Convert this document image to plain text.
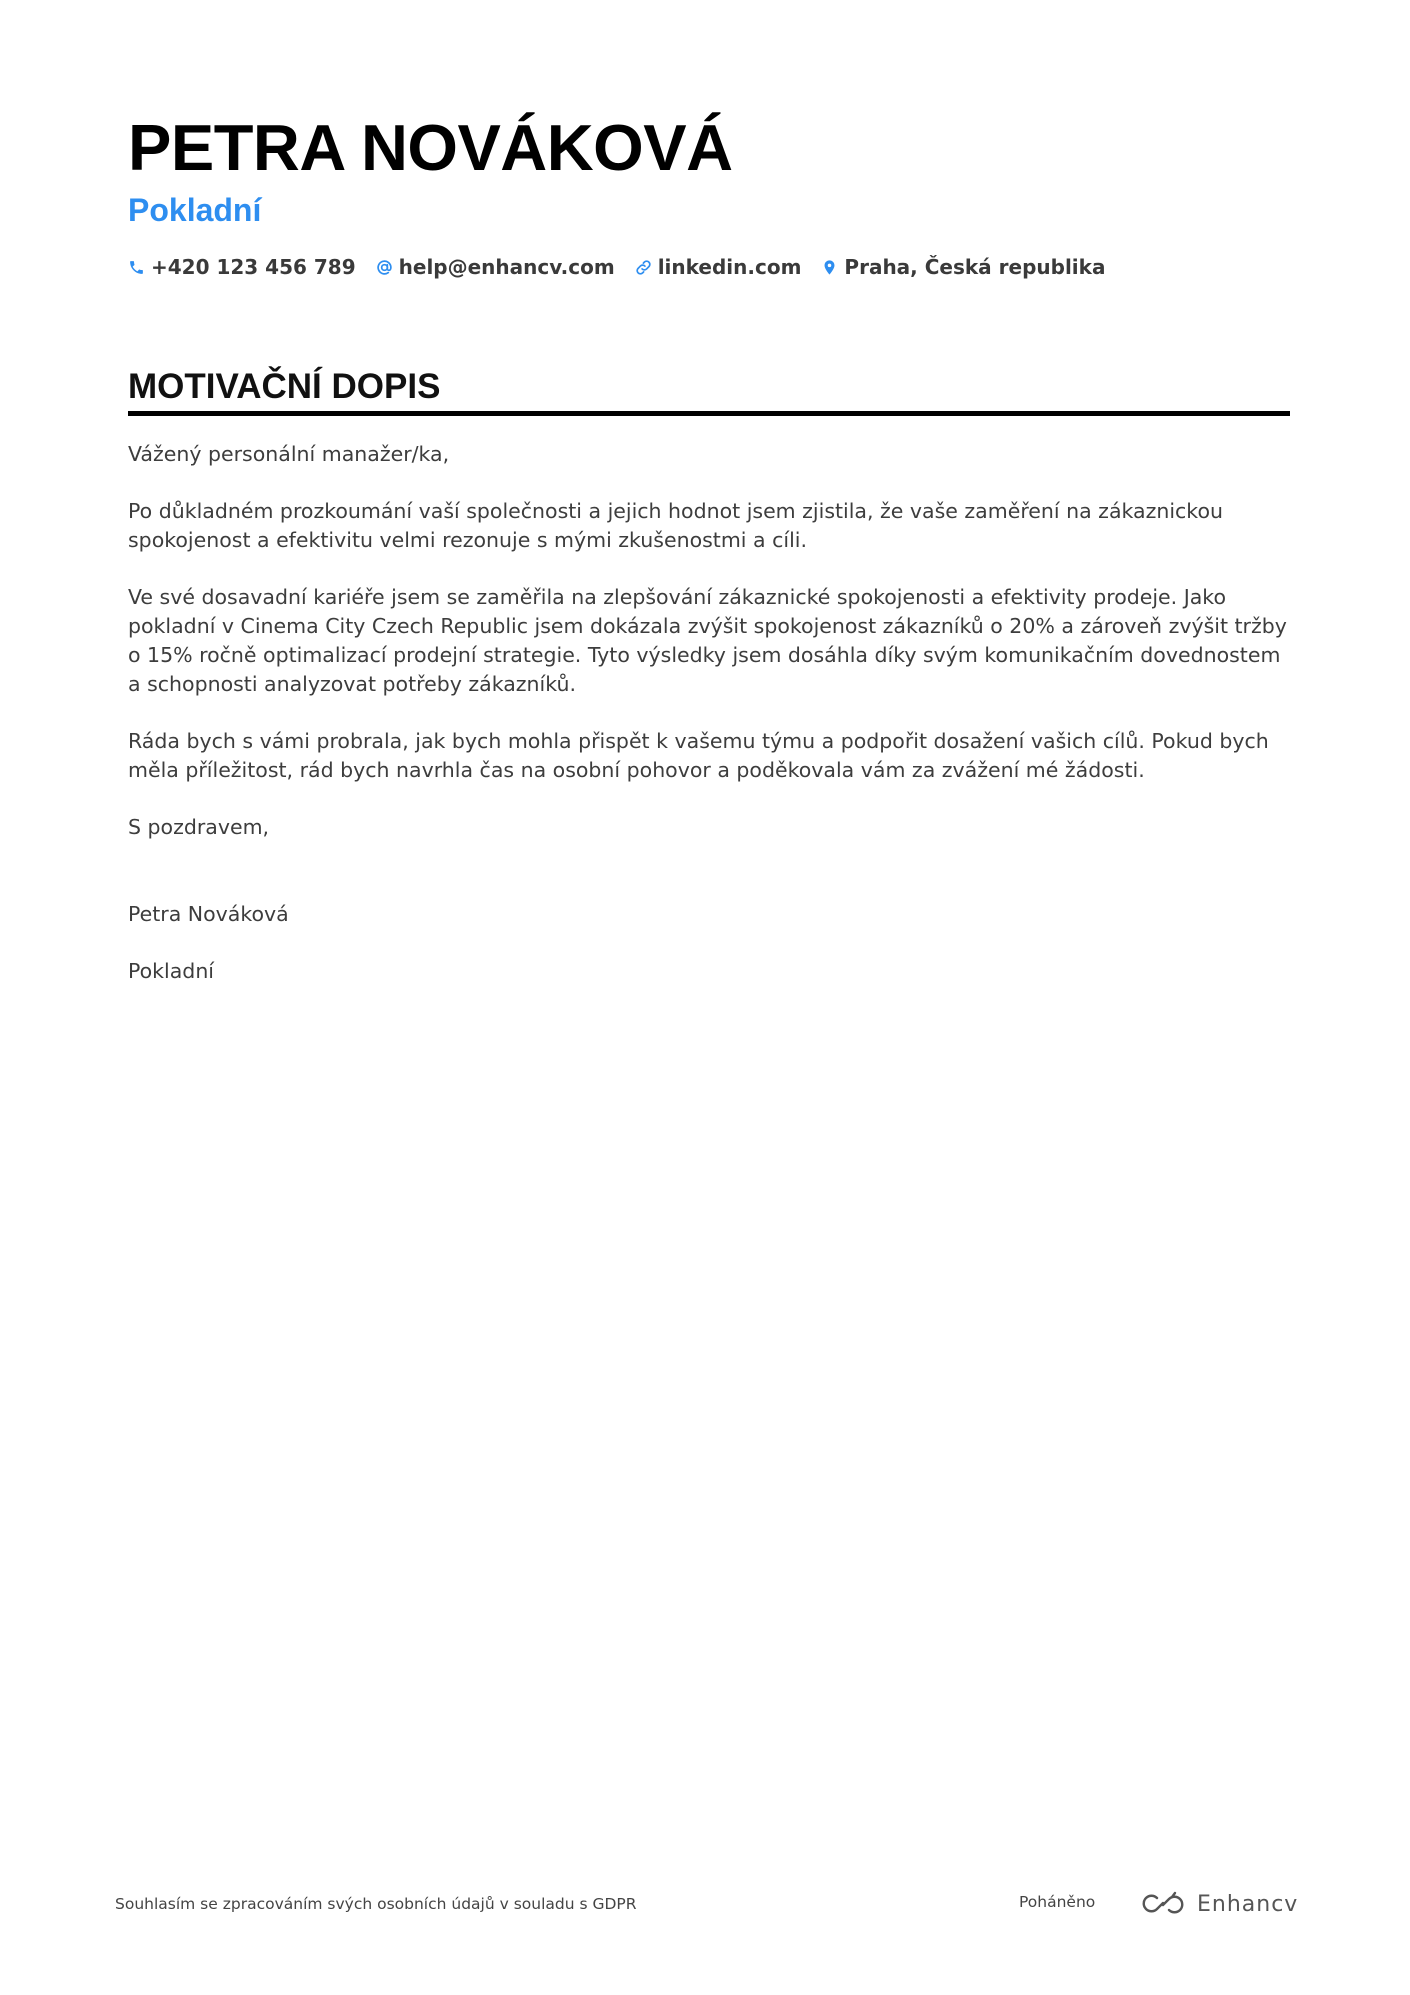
PETRA NOVÁKOVÁ
Pokladní
+420 123 456 789 help@enhancv.com linkedin.com Praha, Česká republika
MOTIVAČNÍ DOPIS

Vážený personální manažer/ka,

Po důkladném prozkoumání vaší společnosti a jejich hodnot jsem zjistila, že vaše zaměření na zákaznickou spokojenost a efektivitu velmi rezonuje s mými zkušenostmi a cíli.

Ve své dosavadní kariéře jsem se zaměřila na zlepšování zákaznické spokojenosti a efektivity prodeje. Jako pokladní v Cinema City Czech Republic jsem dokázala zvýšit spokojenost zákazníků o 20% a zároveň zvýšit tržby o 15% ročně optimalizací prodejní strategie. Tyto výsledky jsem dosáhla díky svým komunikačním dovednostem a schopnosti analyzovat potřeby zákazníků.

Ráda bych s vámi probrala, jak bych mohla přispět k vašemu týmu a podpořit dosažení vašich cílů. Pokud bych měla příležitost, rád bych navrhla čas na osobní pohovor a poděkovala vám za zvážení mé žádosti.

S pozdravem,

Petra Nováková

Pokladní

Souhlasím se zpracováním svých osobních údajů v souladu s GDPR	Poháněno	Enhancv
